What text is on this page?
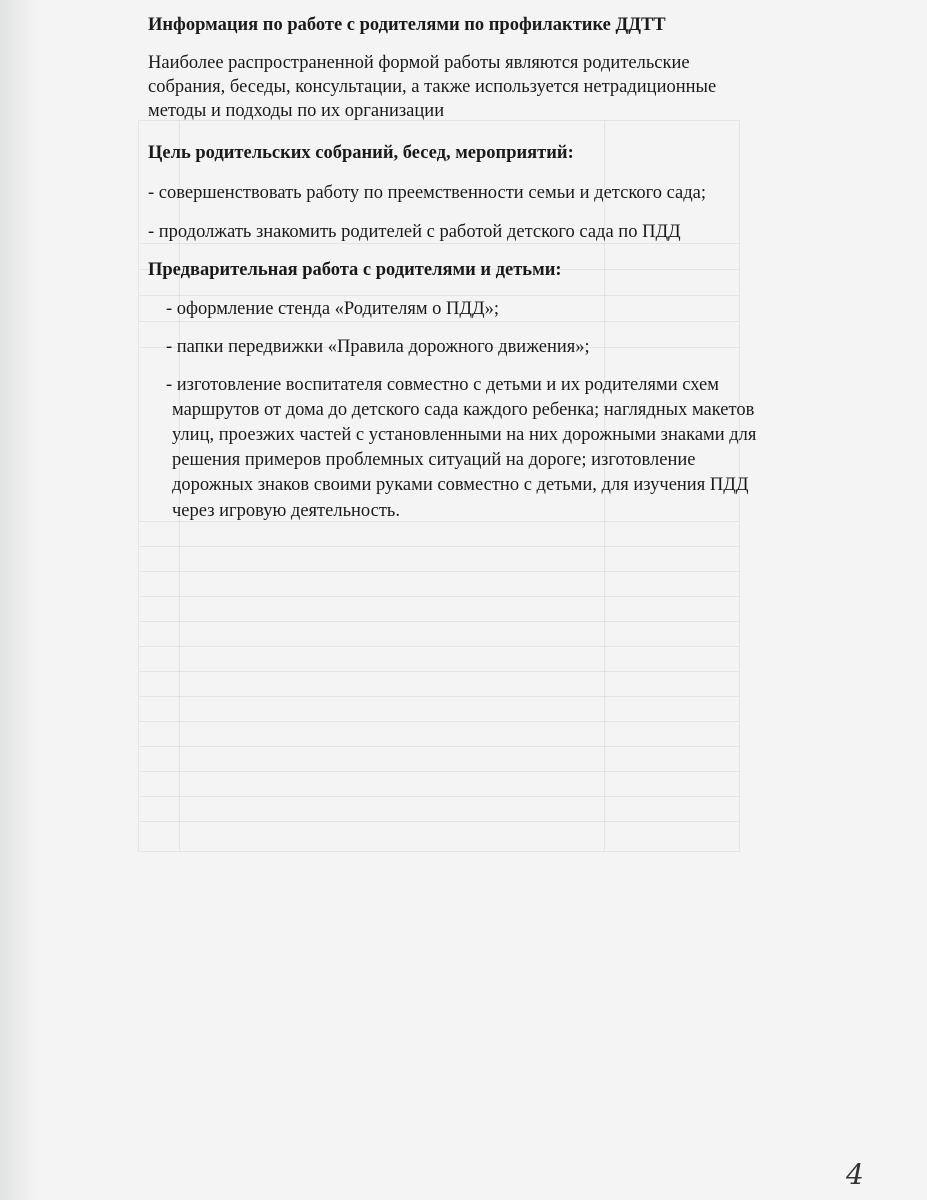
Информация по работе с родителями по профилактике ДДТТ
Наиболее распространенной формой работы являются родительские
собрания, беседы, консультации, а также используется нетрадиционные
методы и подходы по их организации
Цель родительских собраний, бесед, мероприятий:
- совершенствовать работу по преемственности семьи и детского сада;
- продолжать знакомить родителей с работой детского сада по ПДД
Предварительная работа с родителями и детьми:
- оформление стенда «Родителям о ПДД»;
- папки передвижки «Правила дорожного движения»;
- изготовление воспитателя совместно с детьми и их родителями схем
маршрутов от дома до детского сада каждого ребенка; наглядных макетов
улиц, проезжих частей с установленными на них дорожными знаками для
решения примеров проблемных ситуаций на дороге; изготовление
дорожных знаков своими руками совместно с детьми, для изучения ПДД
через игровую деятельность.
4
